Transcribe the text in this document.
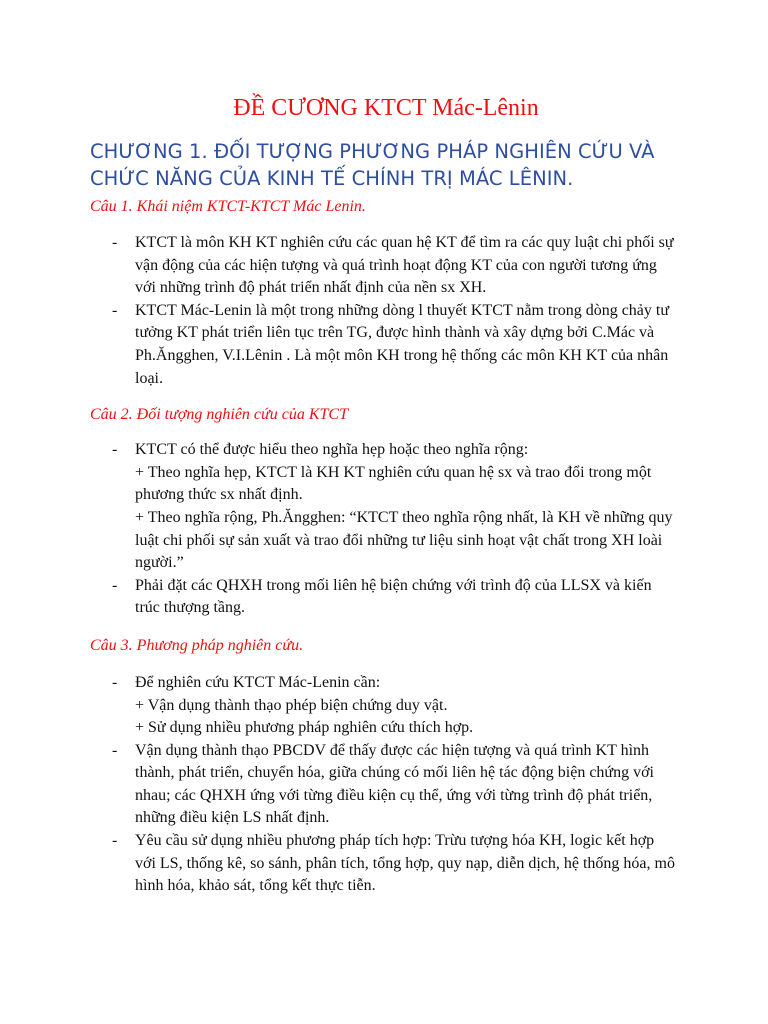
ĐỀ CƯƠNG KTCT Mác-Lênin
CHƯƠNG 1. ĐỐI TƯỢNG PHƯƠNG PHÁP NGHIÊN CỨU VÀ CHỨC NĂNG CỦA KINH TẾ CHÍNH TRỊ MÁC LÊNIN.
Câu 1. Khái niệm KTCT-KTCT Mác Lenin.
- KTCT là môn KH KT nghiên cứu các quan hệ KT để tìm ra các quy luật chi phối sự vận động của các hiện tượng và quá trình hoạt động KT của con người tương ứng với những trình độ phát triển nhất định của nền sx XH.
- KTCT Mác-Lenin là một trong những dòng l thuyết KTCT nằm trong dòng chảy tư tưởng KT phát triển liên tục trên TG, được hình thành và xây dựng bởi C.Mác và Ph.Ăngghen, V.I.Lênin . Là một môn KH trong hệ thống các môn KH KT của nhân loại.
Câu 2. Đối tượng nghiên cứu của KTCT
- KTCT có thể được hiểu theo nghĩa hẹp hoặc theo nghĩa rộng:
+ Theo nghĩa hẹp, KTCT là KH KT nghiên cứu quan hệ sx và trao đổi trong một phương thức sx nhất định.
+ Theo nghĩa rộng, Ph.Ăngghen: “KTCT theo nghĩa rộng nhất, là KH về những quy luật chi phối sự sản xuất và trao đổi những tư liệu sinh hoạt vật chất trong XH loài người.”
- Phải đặt các QHXH trong mối liên hệ biện chứng với trình độ của LLSX và kiến trúc thượng tầng.
Câu 3. Phương pháp nghiên cứu.
- Để nghiên cứu KTCT Mác-Lenin cần:
+ Vận dụng thành thạo phép biện chứng duy vật.
+ Sử dụng nhiều phương pháp nghiên cứu thích hợp.
- Vận dụng thành thạo PBCDV để thấy được các hiện tượng và quá trình KT hình thành, phát triển, chuyển hóa, giữa chúng có mối liên hệ tác động biện chứng với nhau; các QHXH ứng với từng điều kiện cụ thể, ứng với từng trình độ phát triển, những điều kiện LS nhất định.
- Yêu cầu sử dụng nhiều phương pháp tích hợp: Trừu tượng hóa KH, logic kết hợp với LS, thống kê, so sánh, phân tích, tổng hợp, quy nạp, diễn dịch, hệ thống hóa, mô hình hóa, khảo sát, tổng kết thực tiễn.
